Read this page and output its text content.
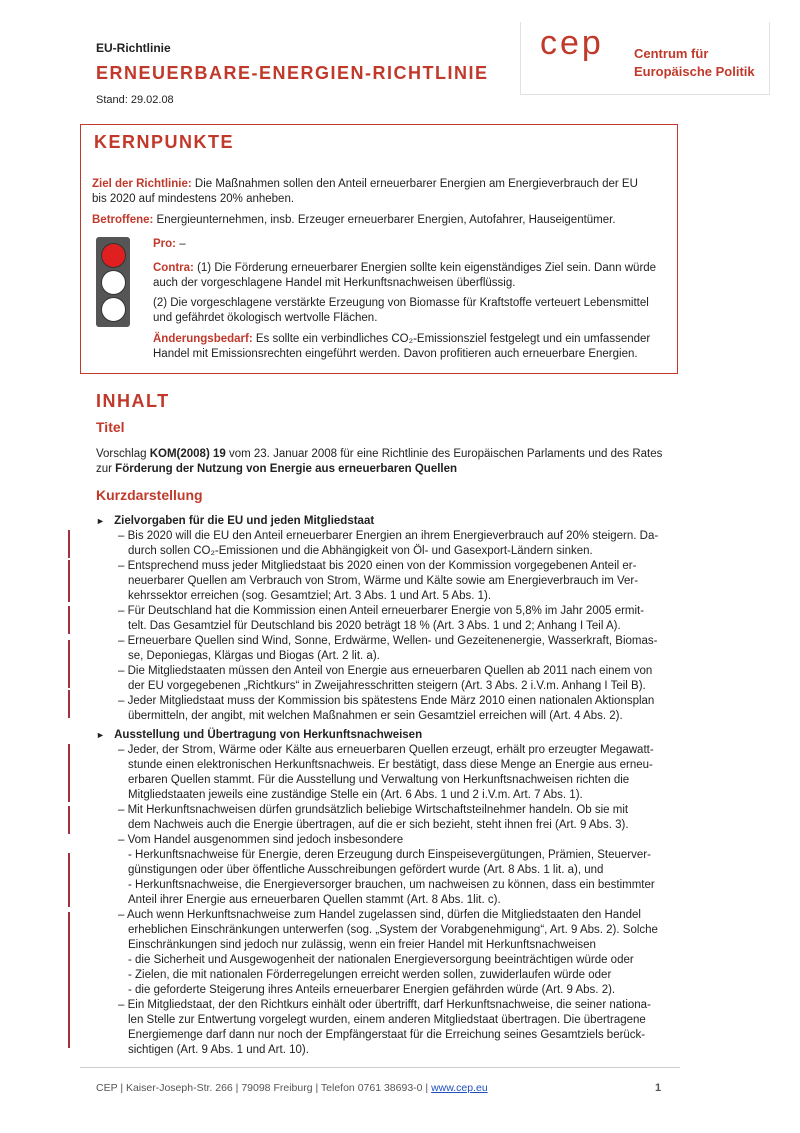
EU-Richtlinie
ERNEUERBARE-ENERGIEN-RICHTLINIE
Stand: 29.02.08
cep Centrum für
Europäische Politik
KERNPUNKTE
Ziel der Richtlinie: Die Maßnahmen sollen den Anteil erneuerbarer Energien am Energieverbrauch der EU
bis 2020 auf mindestens 20% anheben.
Betroffene: Energieunternehmen, insb. Erzeuger erneuerbarer Energien, Autofahrer, Hauseigentümer.
Pro: –
Contra: (1) Die Förderung erneuerbarer Energien sollte kein eigenständiges Ziel sein. Dann würde
auch der vorgeschlagene Handel mit Herkunftsnachweisen überflüssig.
(2) Die vorgeschlagene verstärkte Erzeugung von Biomasse für Kraftstoffe verteuert Lebensmittel
und gefährdet ökologisch wertvolle Flächen.
Änderungsbedarf: Es sollte ein verbindliches CO₂-Emissionsziel festgelegt und ein umfassender
Handel mit Emissionsrechten eingeführt werden. Davon profitieren auch erneuerbare Energien.
INHALT
Titel
Vorschlag KOM(2008) 19 vom 23. Januar 2008 für eine Richtlinie des Europäischen Parlaments und des Rates
zur Förderung der Nutzung von Energie aus erneuerbaren Quellen
Kurzdarstellung
► Zielvorgaben für die EU und jeden Mitgliedstaat
– Bis 2020 will die EU den Anteil erneuerbarer Energien an ihrem Energieverbrauch auf 20% steigern. Da-
durch sollen CO₂-Emissionen und die Abhängigkeit von Öl- und Gasexport-Ländern sinken.
– Entsprechend muss jeder Mitgliedstaat bis 2020 einen von der Kommission vorgegebenen Anteil er-
neuerbarer Quellen am Verbrauch von Strom, Wärme und Kälte sowie am Energieverbrauch im Ver-
kehrssektor erreichen (sog. Gesamtziel; Art. 3 Abs. 1 und Art. 5 Abs. 1).
– Für Deutschland hat die Kommission einen Anteil erneuerbarer Energie von 5,8% im Jahr 2005 ermit-
telt. Das Gesamtziel für Deutschland bis 2020 beträgt 18 % (Art. 3 Abs. 1 und 2; Anhang I Teil A).
– Erneuerbare Quellen sind Wind, Sonne, Erdwärme, Wellen- und Gezeitenenergie, Wasserkraft, Biomas-
se, Deponiegas, Klärgas und Biogas (Art. 2 lit. a).
– Die Mitgliedstaaten müssen den Anteil von Energie aus erneuerbaren Quellen ab 2011 nach einem von
der EU vorgegebenen „Richtkurs“ in Zweijahresschritten steigern (Art. 3 Abs. 2 i.V.m. Anhang I Teil B).
– Jeder Mitgliedstaat muss der Kommission bis spätestens Ende März 2010 einen nationalen Aktionsplan
übermitteln, der angibt, mit welchen Maßnahmen er sein Gesamtziel erreichen will (Art. 4 Abs. 2).
► Ausstellung und Übertragung von Herkunftsnachweisen
– Jeder, der Strom, Wärme oder Kälte aus erneuerbaren Quellen erzeugt, erhält pro erzeugter Megawatt-
stunde einen elektronischen Herkunftsnachweis. Er bestätigt, dass diese Menge an Energie aus erneu-
erbaren Quellen stammt. Für die Ausstellung und Verwaltung von Herkunftsnachweisen richten die
Mitgliedstaaten jeweils eine zuständige Stelle ein (Art. 6 Abs. 1 und 2 i.V.m. Art. 7 Abs. 1).
– Mit Herkunftsnachweisen dürfen grundsätzlich beliebige Wirtschaftsteilnehmer handeln. Ob sie mit
dem Nachweis auch die Energie übertragen, auf die er sich bezieht, steht ihnen frei (Art. 9 Abs. 3).
– Vom Handel ausgenommen sind jedoch insbesondere
- Herkunftsnachweise für Energie, deren Erzeugung durch Einspeisevergütungen, Prämien, Steuerver-
günstigungen oder über öffentliche Ausschreibungen gefördert wurde (Art. 8 Abs. 1 lit. a), und
- Herkunftsnachweise, die Energieversorger brauchen, um nachweisen zu können, dass ein bestimmter
Anteil ihrer Energie aus erneuerbaren Quellen stammt (Art. 8 Abs. 1lit. c).
– Auch wenn Herkunftsnachweise zum Handel zugelassen sind, dürfen die Mitgliedstaaten den Handel
erheblichen Einschränkungen unterwerfen (sog. „System der Vorabgenehmigung“, Art. 9 Abs. 2). Solche
Einschränkungen sind jedoch nur zulässig, wenn ein freier Handel mit Herkunftsnachweisen
- die Sicherheit und Ausgewogenheit der nationalen Energieversorgung beeinträchtigen würde oder
- Zielen, die mit nationalen Förderregelungen erreicht werden sollen, zuwiderlaufen würde oder
- die geforderte Steigerung ihres Anteils erneuerbarer Energien gefährden würde (Art. 9 Abs. 2).
– Ein Mitgliedstaat, der den Richtkurs einhält oder übertrifft, darf Herkunftsnachweise, die seiner nationa-
len Stelle zur Entwertung vorgelegt wurden, einem anderen Mitgliedstaat übertragen. Die übertragene
Energiemenge darf dann nur noch der Empfängerstaat für die Erreichung seines Gesamtziels berück-
sichtigen (Art. 9 Abs. 1 und Art. 10).
CEP | Kaiser-Joseph-Str. 266 | 79098 Freiburg | Telefon 0761 38693-0 | www.cep.eu	1
